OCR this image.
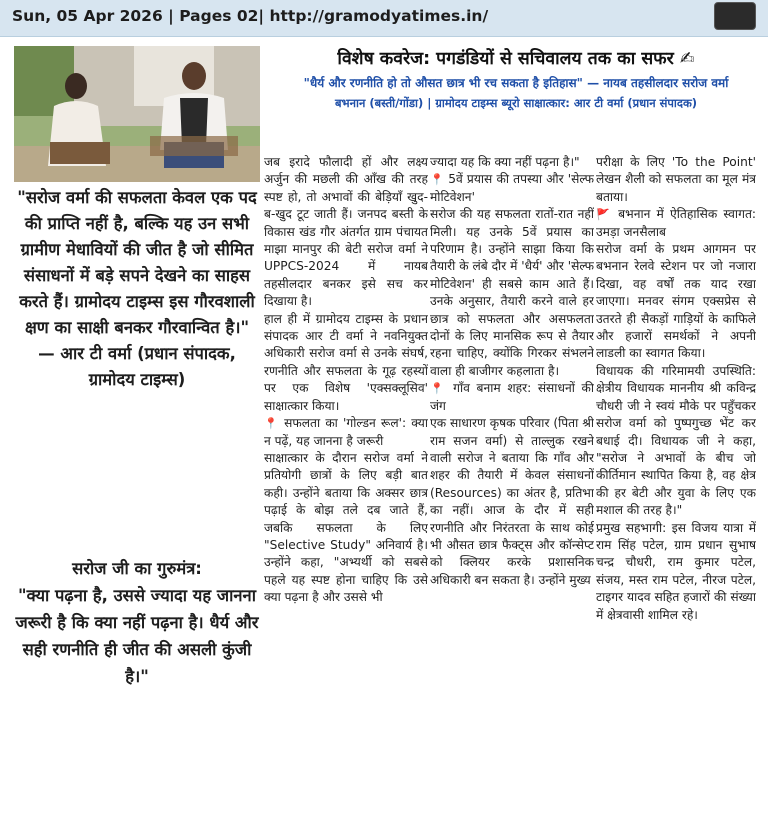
Sun, 05 Apr 2026 | Pages 02| http://gramodyatimes.in/

"सरोज वर्मा की सफलता केवल एक पद की प्राप्ति नहीं है, बल्कि यह उन सभी ग्रामीण मेधावियों की जीत है जो सीमित संसाधनों में बड़े सपने देखने का साहस करते हैं। ग्रामोदय टाइम्स इस गौरवशाली क्षण का साक्षी बनकर गौरवान्वित है।" — आर टी वर्मा (प्रधान संपादक, ग्रामोदय टाइम्स)

सरोज जी का गुरुमंत्र:

"क्या पढ़ना है, उससे ज्यादा यह जानना जरूरी है कि क्या नहीं पढ़ना है। धैर्य और सही रणनीति ही जीत की असली कुंजी है।"

विशेष कवरेज: पगडंडियों से सचिवालय तक का सफर ✍

"धैर्य और रणनीति हो तो औसत छात्र भी रच सकता है इतिहास" — नायब तहसीलदार सरोज वर्मा

बभनान (बस्ती/गोंडा) | ग्रामोदय टाइम्स ब्यूरो साक्षात्कार: आर टी वर्मा (प्रधान संपादक)

जब इरादे फौलादी हों और लक्ष्य अर्जुन की मछली की आँख की तरह स्पष्ट हो, तो अभावों की बेड़ियाँ खुद-ब-खुद टूट जाती हैं। जनपद बस्ती के विकास खंड गौर अंतर्गत ग्राम पंचायत माझा मानपुर की बेटी सरोज वर्मा ने UPPCS-2024 में नायब तहसीलदार बनकर इसे सच कर दिखाया है।

हाल ही में ग्रामोदय टाइम्स के प्रधान संपादक आर टी वर्मा ने नवनियुक्त अधिकारी सरोज वर्मा से उनके संघर्ष, रणनीति और सफलता के गूढ़ रहस्यों पर एक विशेष 'एक्सक्लूसिव' साक्षात्कार किया।

📍 सफलता का 'गोल्डन रूल': क्या न पढ़ें, यह जानना है जरूरी

साक्षात्कार के दौरान सरोज वर्मा ने प्रतियोगी छात्रों के लिए बड़ी बात कही। उन्होंने बताया कि अक्सर छात्र पढ़ाई के बोझ तले दब जाते हैं, जबकि सफलता के लिए "Selective Study" अनिवार्य है। उन्होंने कहा, "अभ्यर्थी को सबसे पहले यह स्पष्ट होना चाहिए कि उसे क्या पढ़ना है और उससे भी

ज्यादा यह कि क्या नहीं पढ़ना है।"

📍 5वें प्रयास की तपस्या और 'सेल्फ मोटिवेशन'

सरोज की यह सफलता रातों-रात नहीं मिली। यह उनके 5वें प्रयास का परिणाम है। उन्होंने साझा किया कि तैयारी के लंबे दौर में 'धैर्य' और 'सेल्फ मोटिवेशन' ही सबसे काम आते हैं। उनके अनुसार, तैयारी करने वाले हर छात्र को सफलता और असफलता दोनों के लिए मानसिक रूप से तैयार रहना चाहिए, क्योंकि गिरकर संभलने वाला ही बाजीगर कहलाता है।

📍 गाँव बनाम शहर: संसाधनों की जंग

एक साधारण कृषक परिवार (पिता श्री राम सजन वर्मा) से ताल्लुक रखने वाली सरोज ने बताया कि गाँव और शहर की तैयारी में केवल संसाधनों (Resources) का अंतर है, प्रतिभा का नहीं। आज के दौर में सही रणनीति और निरंतरता के साथ कोई भी औसत छात्र फैक्ट्स और कॉन्सेप्ट को क्लियर करके प्रशासनिक अधिकारी बन सकता है। उन्होंने मुख्य

परीक्षा के लिए 'To the Point' लेखन शैली को सफलता का मूल मंत्र बताया।

🚩 बभनान में ऐतिहासिक स्वागत: उमड़ा जनसैलाब

सरोज वर्मा के प्रथम आगमन पर बभनान रेलवे स्टेशन पर जो नजारा दिखा, वह वर्षों तक याद रखा जाएगा। मनवर संगम एक्सप्रेस से उतरते ही सैकड़ों गाड़ियों के काफिले और हजारों समर्थकों ने अपनी लाडली का स्वागत किया।

विधायक की गरिमामयी उपस्थिति: क्षेत्रीय विधायक माननीय श्री कविन्द्र चौधरी जी ने स्वयं मौके पर पहुँचकर सरोज वर्मा को पुष्पगुच्छ भेंट कर बधाई दी। विधायक जी ने कहा, "सरोज ने अभावों के बीच जो कीर्तिमान स्थापित किया है, वह क्षेत्र की हर बेटी और युवा के लिए एक मशाल की तरह है।"

प्रमुख सहभागी: इस विजय यात्रा में राम सिंह पटेल, ग्राम प्रधान सुभाष चन्द्र चौधरी, राम कुमार पटेल, संजय, मस्त राम पटेल, नीरज पटेल, टाइगर यादव सहित हजारों की संख्या में क्षेत्रवासी शामिल रहे।
